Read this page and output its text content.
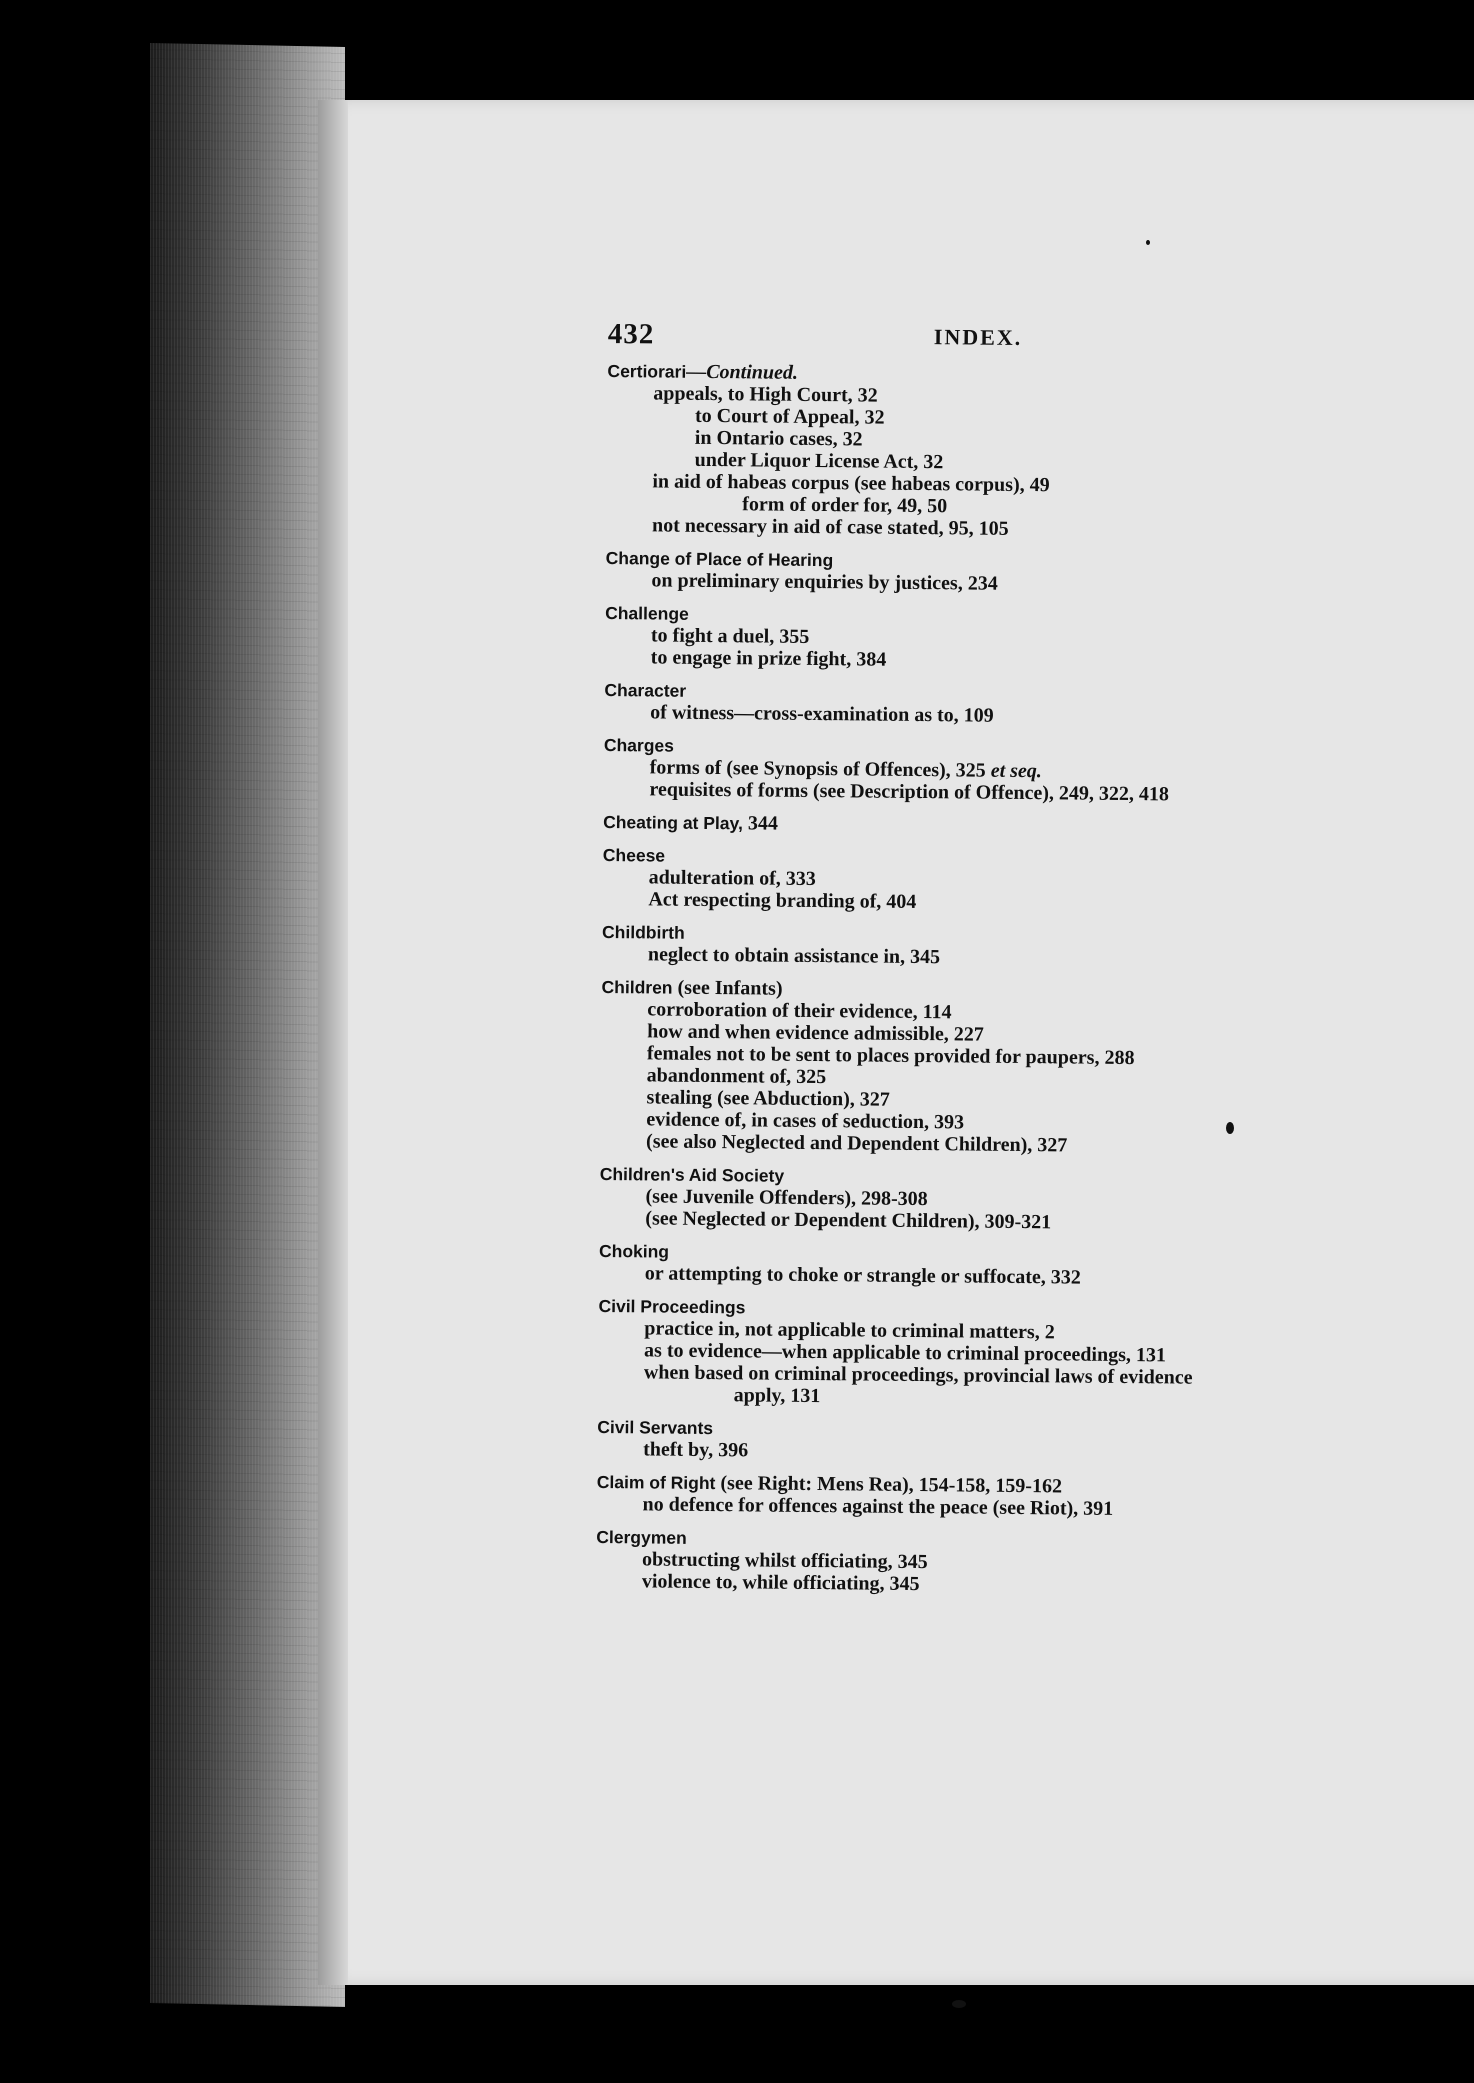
432	INDEX.
Certiorari—Continued.
appeals, to High Court, 32
to Court of Appeal, 32
in Ontario cases, 32
under Liquor License Act, 32
in aid of habeas corpus (see habeas corpus), 49
form of order for, 49, 50
not necessary in aid of case stated, 95, 105
Change of Place of Hearing
on preliminary enquiries by justices, 234
Challenge
to fight a duel, 355
to engage in prize fight, 384
Character
of witness—cross-examination as to, 109
Charges
forms of (see Synopsis of Offences), 325 et seq.
requisites of forms (see Description of Offence), 249, 322, 418
Cheating at Play, 344
Cheese
adulteration of, 333
Act respecting branding of, 404
Childbirth
neglect to obtain assistance in, 345
Children (see Infants)
corroboration of their evidence, 114
how and when evidence admissible, 227
females not to be sent to places provided for paupers, 288
abandonment of, 325
stealing (see Abduction), 327
evidence of, in cases of seduction, 393
(see also Neglected and Dependent Children), 327
Children's Aid Society
(see Juvenile Offenders), 298-308
(see Neglected or Dependent Children), 309-321
Choking
or attempting to choke or strangle or suffocate, 332
Civil Proceedings
practice in, not applicable to criminal matters, 2
as to evidence—when applicable to criminal proceedings, 131
when based on criminal proceedings, provincial laws of evidence
apply, 131
Civil Servants
theft by, 396
Claim of Right (see Right: Mens Rea), 154-158, 159-162
no defence for offences against the peace (see Riot), 391
Clergymen
obstructing whilst officiating, 345
violence to, while officiating, 345
